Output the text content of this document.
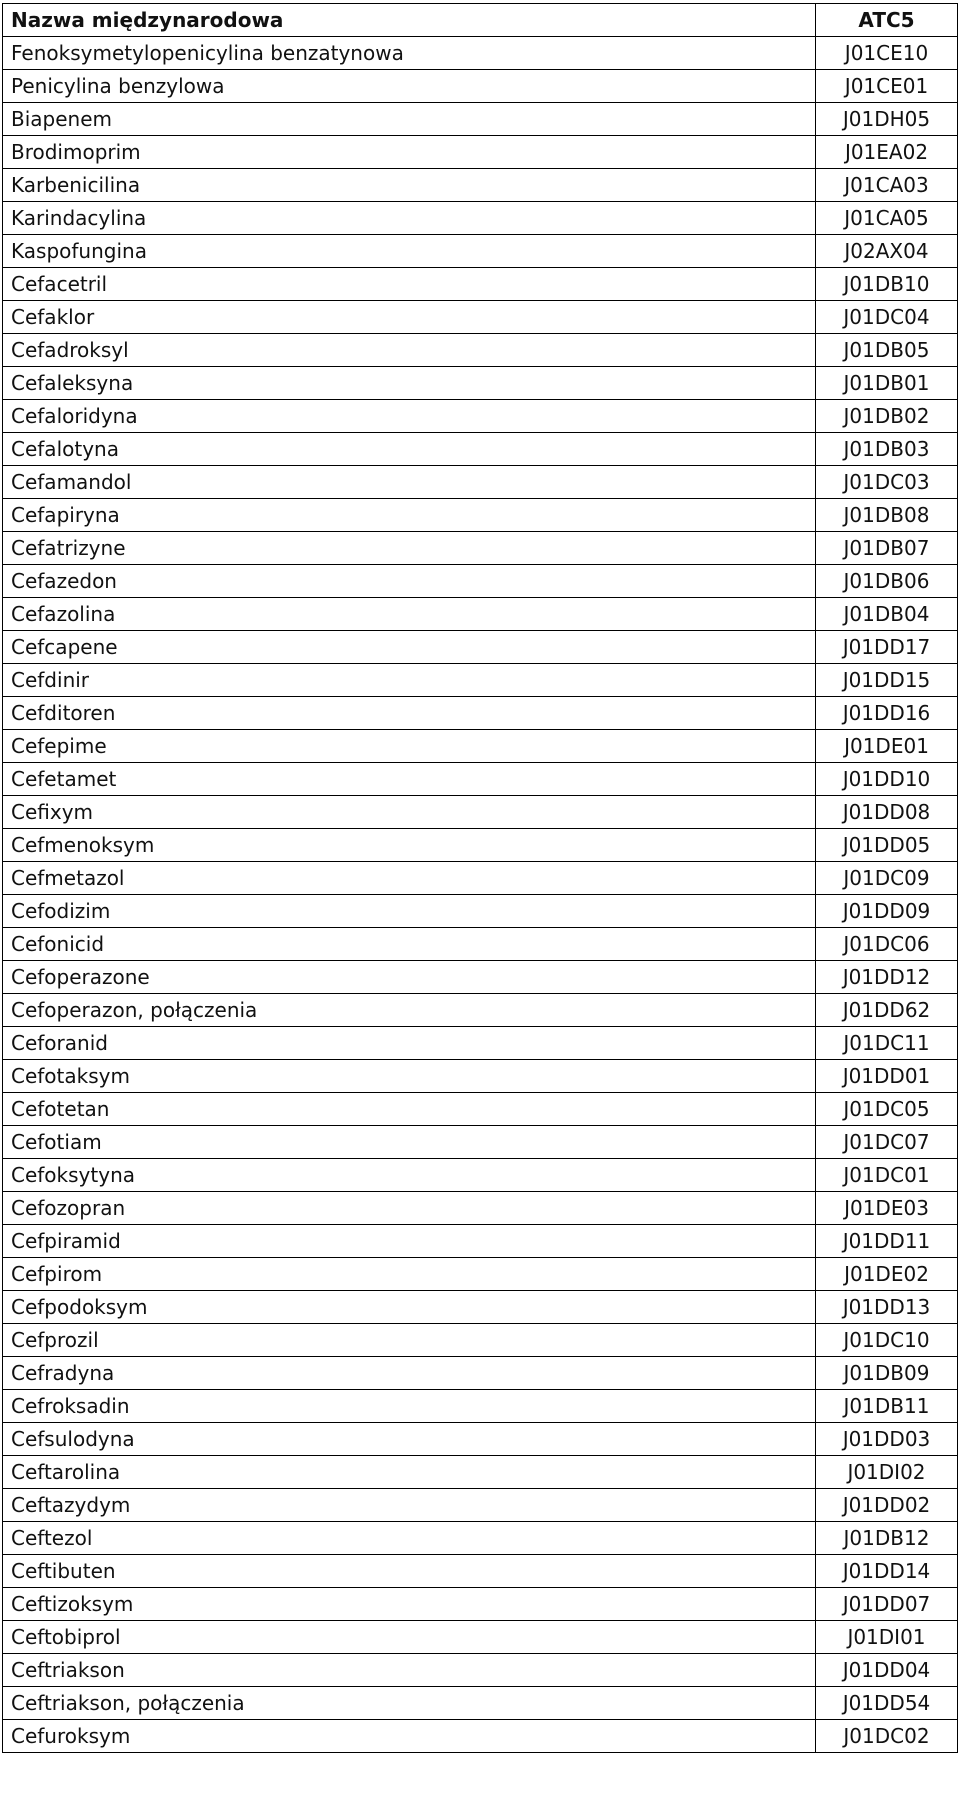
Nazwa międzynarodowa	ATC5
Fenoksymetylopenicylina benzatynowa	J01CE10
Penicylina benzylowa	J01CE01
Biapenem	J01DH05
Brodimoprim	J01EA02
Karbenicilina	J01CA03
Karindacylina	J01CA05
Kaspofungina	J02AX04
Cefacetril	J01DB10
Cefaklor	J01DC04
Cefadroksyl	J01DB05
Cefaleksyna	J01DB01
Cefaloridyna	J01DB02
Cefalotyna	J01DB03
Cefamandol	J01DC03
Cefapiryna	J01DB08
Cefatrizyne	J01DB07
Cefazedon	J01DB06
Cefazolina	J01DB04
Cefcapene	J01DD17
Cefdinir	J01DD15
Cefditoren	J01DD16
Cefepime	J01DE01
Cefetamet	J01DD10
Cefixym	J01DD08
Cefmenoksym	J01DD05
Cefmetazol	J01DC09
Cefodizim	J01DD09
Cefonicid	J01DC06
Cefoperazone	J01DD12
Cefoperazon, połączenia	J01DD62
Ceforanid	J01DC11
Cefotaksym	J01DD01
Cefotetan	J01DC05
Cefotiam	J01DC07
Cefoksytyna	J01DC01
Cefozopran	J01DE03
Cefpiramid	J01DD11
Cefpirom	J01DE02
Cefpodoksym	J01DD13
Cefprozil	J01DC10
Cefradyna	J01DB09
Cefroksadin	J01DB11
Cefsulodyna	J01DD03
Ceftarolina	J01DI02
Ceftazydym	J01DD02
Ceftezol	J01DB12
Ceftibuten	J01DD14
Ceftizoksym	J01DD07
Ceftobiprol	J01DI01
Ceftriakson	J01DD04
Ceftriakson, połączenia	J01DD54
Cefuroksym	J01DC02
